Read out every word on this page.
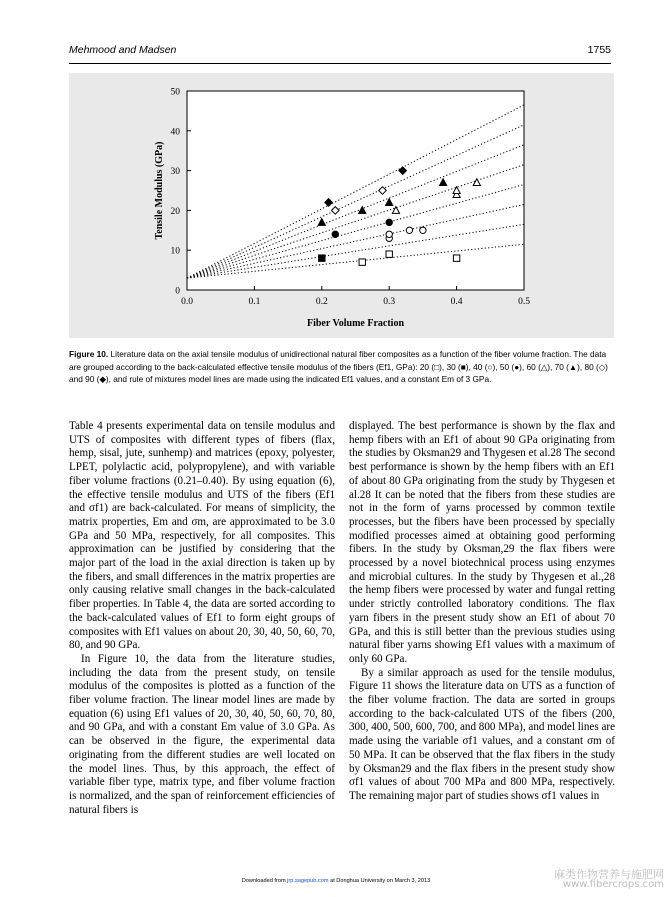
Mehmood and Madsen	1755
0.0	0.1	0.2	0.3	0.4	0.5
0
10
20
30
40
50
Fiber Volume Fraction
Tensile Modulus (GPa)
Figure 10. Literature data on the axial tensile modulus of unidirectional natural fiber composites as a function of the fiber volume fraction. The data are grouped according to the back-calculated effective tensile modulus of the fibers (Ef1, GPa): 20 (□), 30 (■), 40 (○), 50 (●), 60 (△), 70 (▲), 80 (◇) and 90 (◆), and rule of mixtures model lines are made using the indicated Ef1 values, and a constant Em of 3 GPa.

Table 4 presents experimental data on tensile modulus and UTS of composites with different types of fibers (flax, hemp, sisal, jute, sunhemp) and matrices (epoxy, polyester, LPET, polylactic acid, polypropylene), and with variable fiber volume fractions (0.21–0.40). By using equation (6), the effective tensile modulus and UTS of the fibers (Ef1 and σf1) are back-calculated. For means of simplicity, the matrix properties, Em and σm, are approximated to be 3.0 GPa and 50 MPa, respectively, for all composites. This approximation can be justified by considering that the major part of the load in the axial direction is taken up by the fibers, and small differences in the matrix properties are only causing relative small changes in the back-calculated fiber properties. In Table 4, the data are sorted according to the back-calculated values of Ef1 to form eight groups of composites with Ef1 values on about 20, 30, 40, 50, 60, 70, 80, and 90 GPa.

In Figure 10, the data from the literature studies, including the data from the present study, on tensile modulus of the composites is plotted as a function of the fiber volume fraction. The linear model lines are made by equation (6) using Ef1 values of 20, 30, 40, 50, 60, 70, 80, and 90 GPa, and with a constant Em value of 3.0 GPa. As can be observed in the figure, the experimental data originating from the different studies are well located on the model lines. Thus, by this approach, the effect of variable fiber type, matrix type, and fiber volume fraction is normalized, and the span of reinforcement efficiencies of natural fibers is

displayed. The best performance is shown by the flax and hemp fibers with an Ef1 of about 90 GPa originating from the studies by Oksman29 and Thygesen et al.28 The second best performance is shown by the hemp fibers with an Ef1 of about 80 GPa originating from the study by Thygesen et al.28 It can be noted that the fibers from these studies are not in the form of yarns processed by common textile processes, but the fibers have been processed by specially modified processes aimed at obtaining good performing fibers. In the study by Oksman,29 the flax fibers were processed by a novel biotechnical process using enzymes and microbial cultures. In the study by Thygesen et al.,28 the hemp fibers were processed by water and fungal retting under strictly controlled laboratory conditions. The flax yarn fibers in the present study show an Ef1 of about 70 GPa, and this is still better than the previous studies using natural fiber yarns showing Ef1 values with a maximum of only 60 GPa.

By a similar approach as used for the tensile modulus, Figure 11 shows the literature data on UTS as a function of the fiber volume fraction. The data are sorted in groups according to the back-calculated UTS of the fibers (200, 300, 400, 500, 600, 700, and 800 MPa), and model lines are made using the variable σf1 values, and a constant σm of 50 MPa. It can be observed that the flax fibers in the study by Oksman29 and the flax fibers in the present study show σf1 values of about 700 MPa and 800 MPa, respectively. The remaining major part of studies shows σf1 values in

Downloaded from jrp.sagepub.com at Donghua University on March 3, 2013	麻类作物营养与施肥网
www.fibercrops.com
